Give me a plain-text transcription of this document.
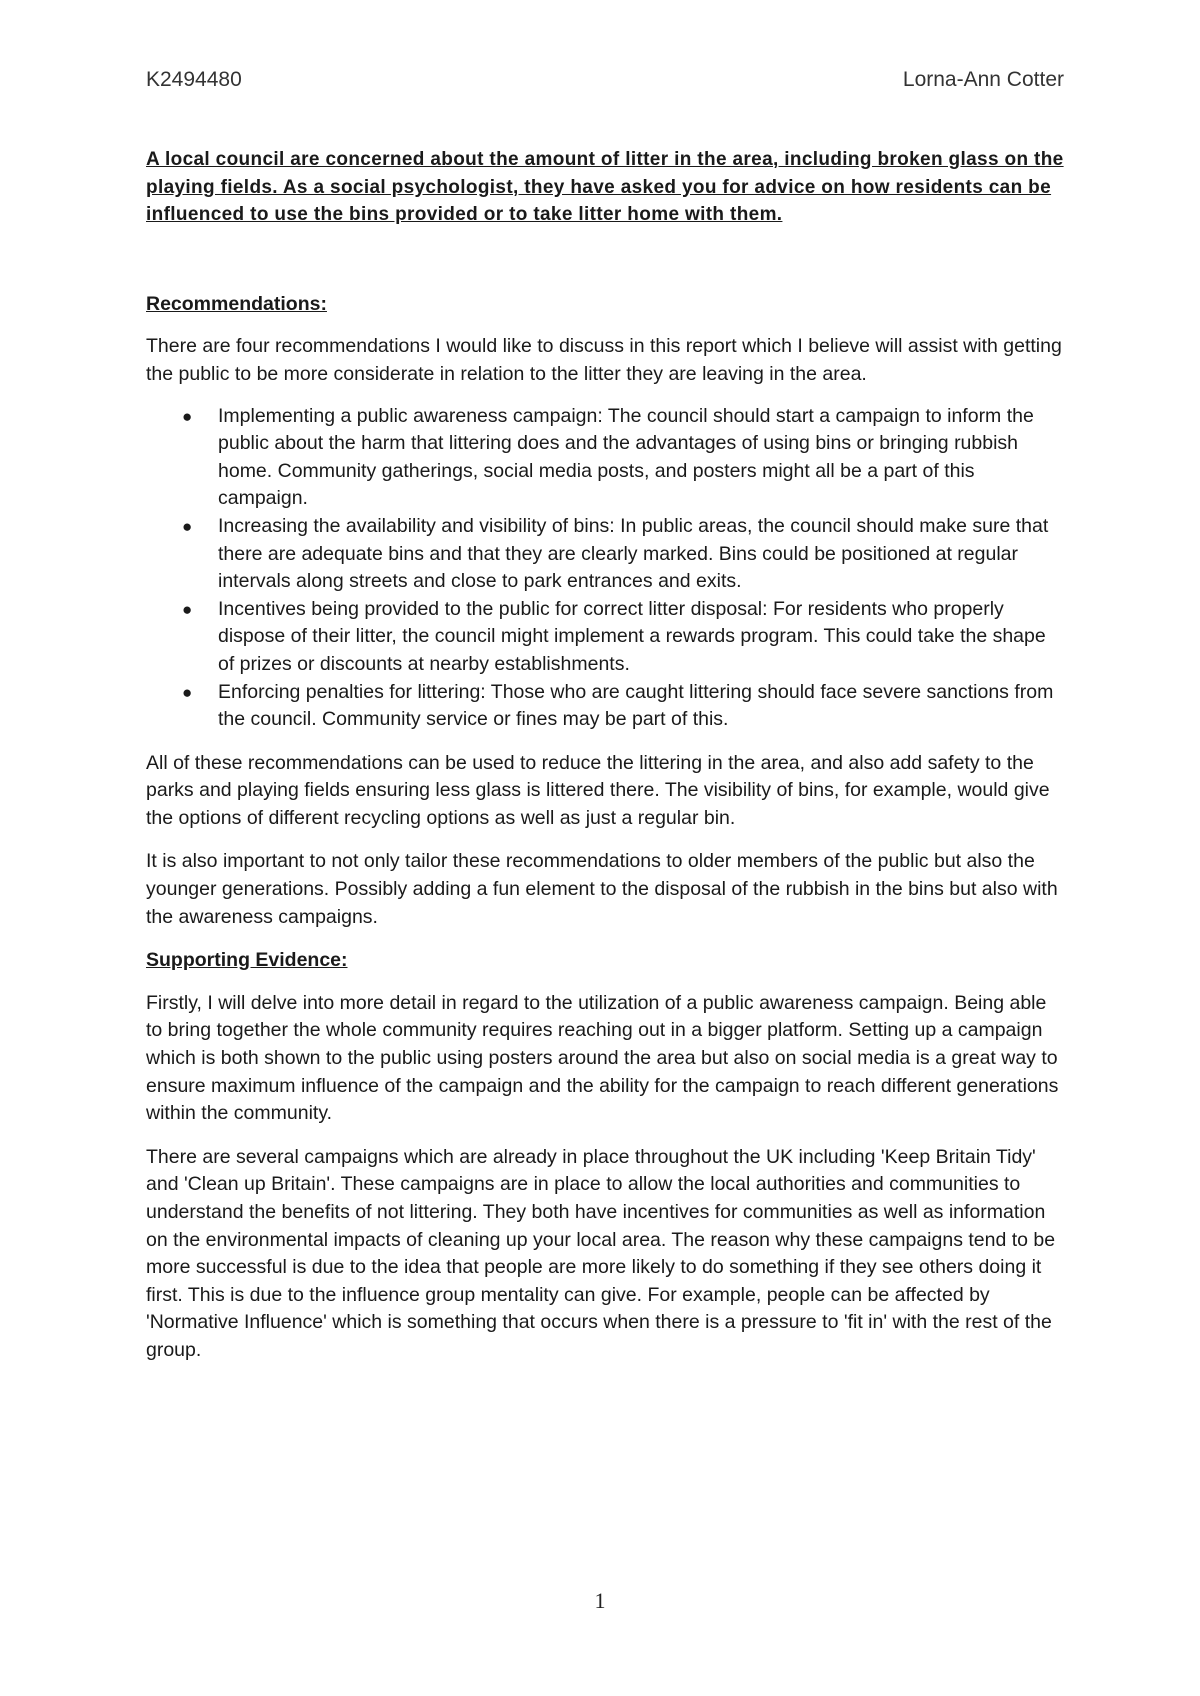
K2494480	Lorna-Ann Cotter
A local council are concerned about the amount of litter in the area, including broken glass on the playing fields. As a social psychologist, they have asked you for advice on how residents can be influenced to use the bins provided or to take litter home with them.
Recommendations:

There are four recommendations I would like to discuss in this report which I believe will assist with getting the public to be more considerate in relation to the litter they are leaving in the area.

● Implementing a public awareness campaign: The council should start a campaign to inform the public about the harm that littering does and the advantages of using bins or bringing rubbish home. Community gatherings, social media posts, and posters might all be a part of this campaign.
● Increasing the availability and visibility of bins: In public areas, the council should make sure that there are adequate bins and that they are clearly marked. Bins could be positioned at regular intervals along streets and close to park entrances and exits.
● Incentives being provided to the public for correct litter disposal: For residents who properly dispose of their litter, the council might implement a rewards program. This could take the shape of prizes or discounts at nearby establishments.
● Enforcing penalties for littering: Those who are caught littering should face severe sanctions from the council. Community service or fines may be part of this.

All of these recommendations can be used to reduce the littering in the area, and also add safety to the parks and playing fields ensuring less glass is littered there. The visibility of bins, for example, would give the options of different recycling options as well as just a regular bin.

It is also important to not only tailor these recommendations to older members of the public but also the younger generations. Possibly adding a fun element to the disposal of the rubbish in the bins but also with the awareness campaigns.

Supporting Evidence:

Firstly, I will delve into more detail in regard to the utilization of a public awareness campaign. Being able to bring together the whole community requires reaching out in a bigger platform. Setting up a campaign which is both shown to the public using posters around the area but also on social media is a great way to ensure maximum influence of the campaign and the ability for the campaign to reach different generations within the community.

There are several campaigns which are already in place throughout the UK including 'Keep Britain Tidy' and 'Clean up Britain'. These campaigns are in place to allow the local authorities and communities to understand the benefits of not littering. They both have incentives for communities as well as information on the environmental impacts of cleaning up your local area. The reason why these campaigns tend to be more successful is due to the idea that people are more likely to do something if they see others doing it first. This is due to the influence group mentality can give. For example, people can be affected by 'Normative Influence' which is something that occurs when there is a pressure to 'fit in' with the rest of the group.

1
